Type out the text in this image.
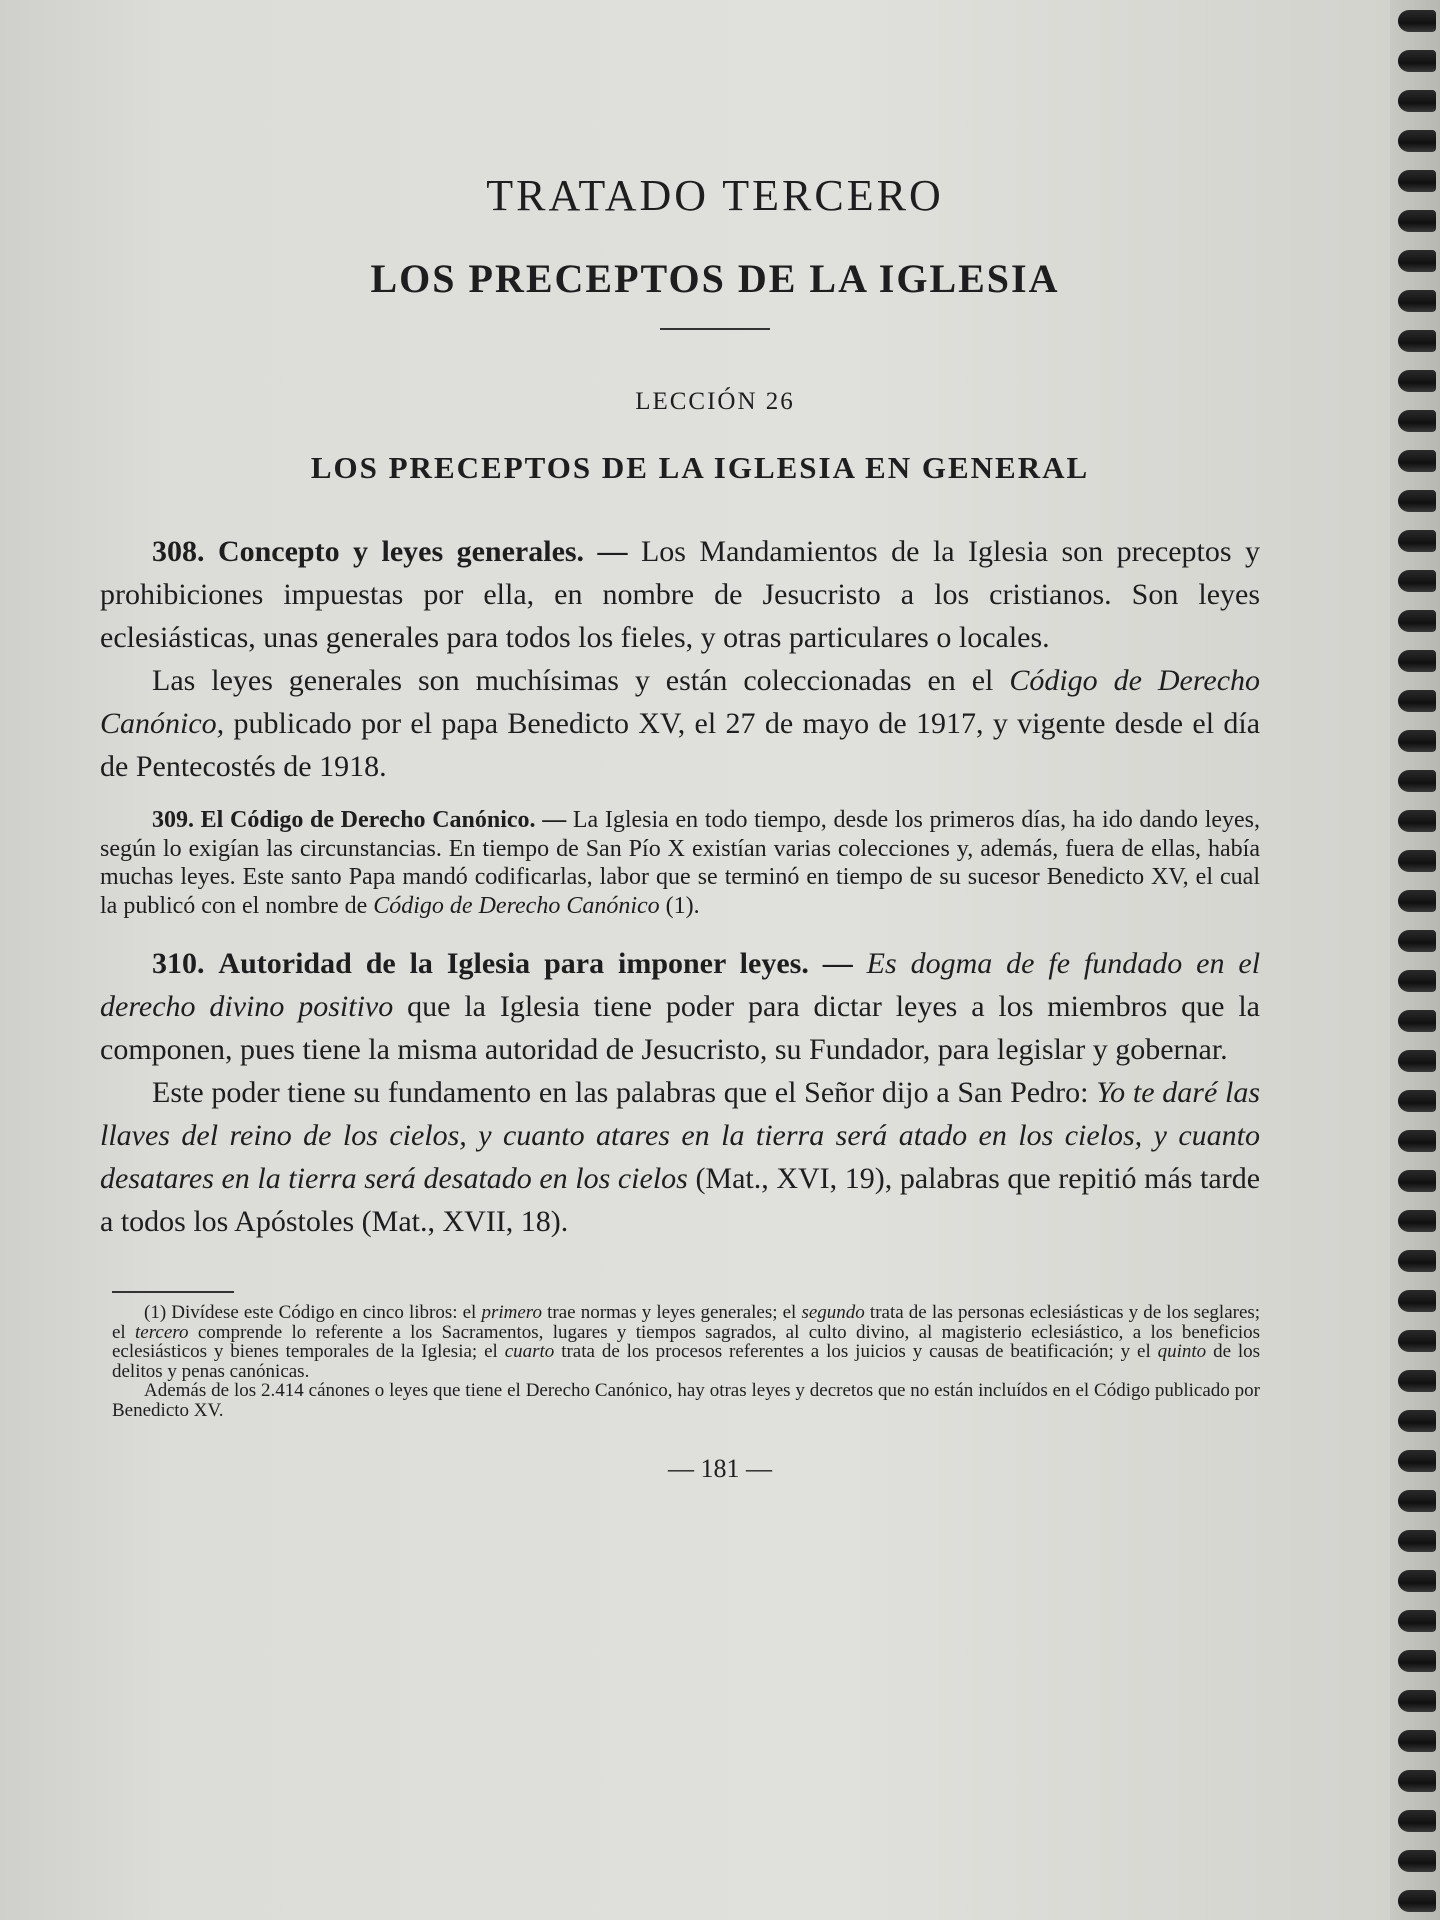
TRATADO TERCERO
LOS PRECEPTOS DE LA IGLESIA
LECCIÓN 26
LOS PRECEPTOS DE LA IGLESIA EN GENERAL

308. Concepto y leyes generales. — Los Mandamientos de la Iglesia son preceptos y prohibiciones impuestas por ella, en nombre de Jesucristo a los cristianos. Son leyes eclesiásticas, unas generales para todos los fieles, y otras particulares o locales.

Las leyes generales son muchísimas y están coleccionadas en el Código de Derecho Canónico, publicado por el papa Benedicto XV, el 27 de mayo de 1917, y vigente desde el día de Pentecostés de 1918.

309. El Código de Derecho Canónico. — La Iglesia en todo tiempo, desde los primeros días, ha ido dando leyes, según lo exigían las circunstancias. En tiempo de San Pío X existían varias colecciones y, además, fuera de ellas, había muchas leyes. Este santo Papa mandó codificarlas, labor que se terminó en tiempo de su sucesor Benedicto XV, el cual la publicó con el nombre de Código de Derecho Canónico (1).

310. Autoridad de la Iglesia para imponer leyes. — Es dogma de fe fundado en el derecho divino positivo que la Iglesia tiene poder para dictar leyes a los miembros que la componen, pues tiene la misma autoridad de Jesucristo, su Fundador, para legislar y gobernar.

Este poder tiene su fundamento en las palabras que el Señor dijo a San Pedro: Yo te daré las llaves del reino de los cielos, y cuanto atares en la tierra será atado en los cielos, y cuanto desatares en la tierra será desatado en los cielos (Mat., XVI, 19), palabras que repitió más tarde a todos los Apóstoles (Mat., XVII, 18).

(1) Divídese este Código en cinco libros: el primero trae normas y leyes generales; el segundo trata de las personas eclesiásticas y de los seglares; el tercero comprende lo referente a los Sacramentos, lugares y tiempos sagrados, al culto divino, al magisterio eclesiástico, a los beneficios eclesiásticos y bienes temporales de la Iglesia; el cuarto trata de los procesos referentes a los juicios y causas de beatificación; y el quinto de los delitos y penas canónicas.

Además de los 2.414 cánones o leyes que tiene el Derecho Canónico, hay otras leyes y decretos que no están incluídos en el Código publicado por Benedicto XV.

— 181 —
